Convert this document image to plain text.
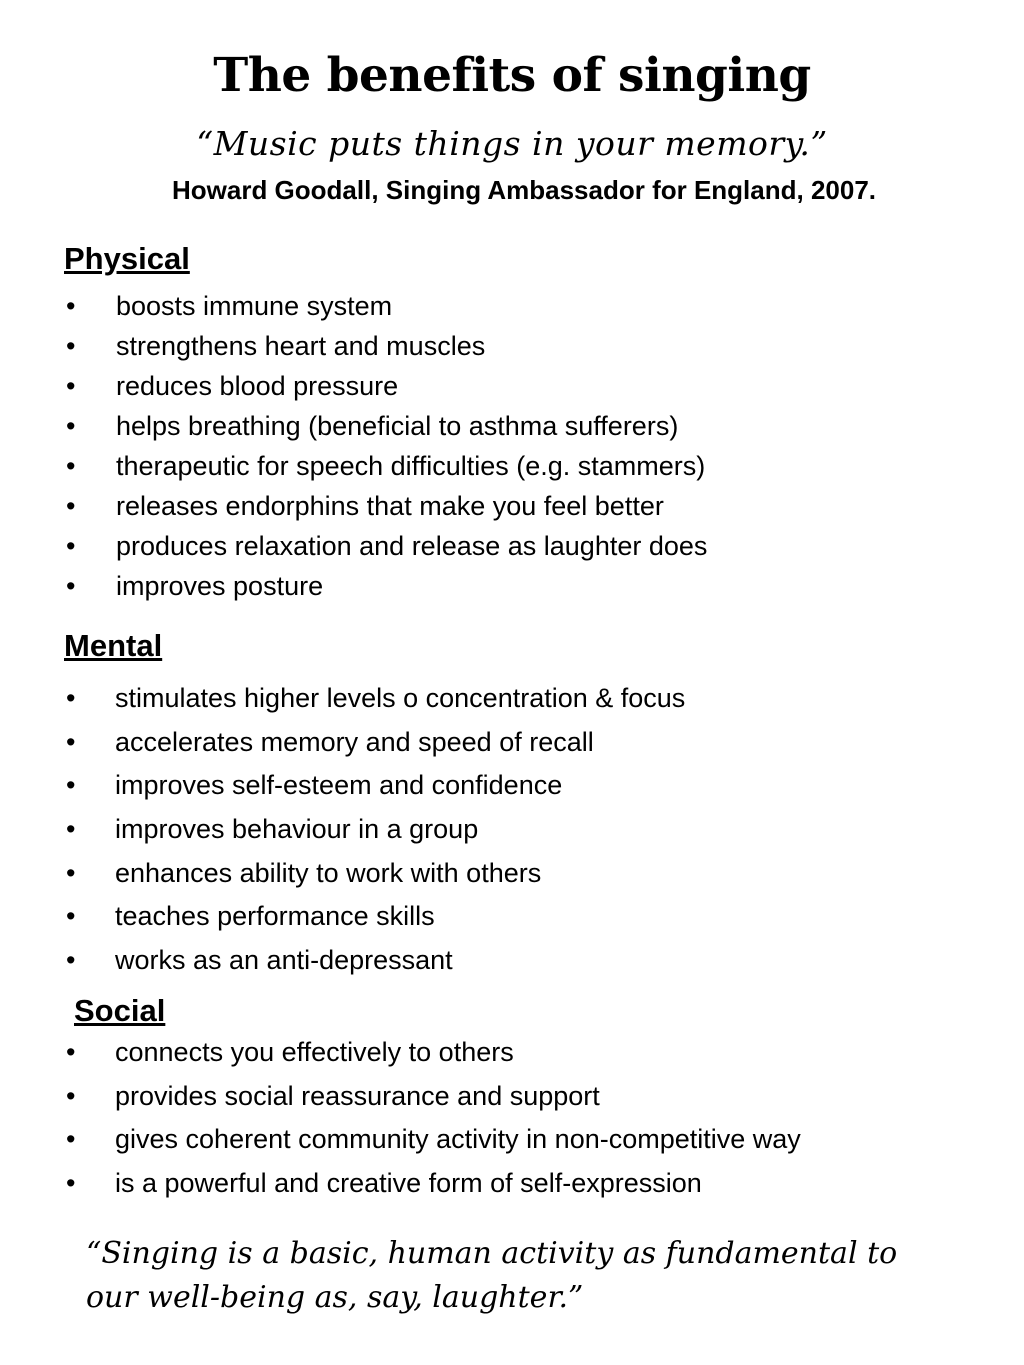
The benefits of singing
“Music puts things in your memory.”
Howard Goodall, Singing Ambassador for England, 2007.
Physical
• boosts immune system
• strengthens heart and muscles
• reduces blood pressure
• helps breathing (beneficial to asthma sufferers)
• therapeutic for speech difficulties (e.g. stammers)
• releases endorphins that make you feel better
• produces relaxation and release as laughter does
• improves posture
Mental
• stimulates higher levels o concentration & focus
• accelerates memory and speed of recall
• improves self-esteem and confidence
• improves behaviour in a group
• enhances ability to work with others
• teaches performance skills
• works as an anti-depressant
Social
• connects you effectively to others
• provides social reassurance and support
• gives coherent community activity in non-competitive way
• is a powerful and creative form of self-expression
“Singing is a basic, human activity as fundamental to
our well-being as, say, laughter.”
